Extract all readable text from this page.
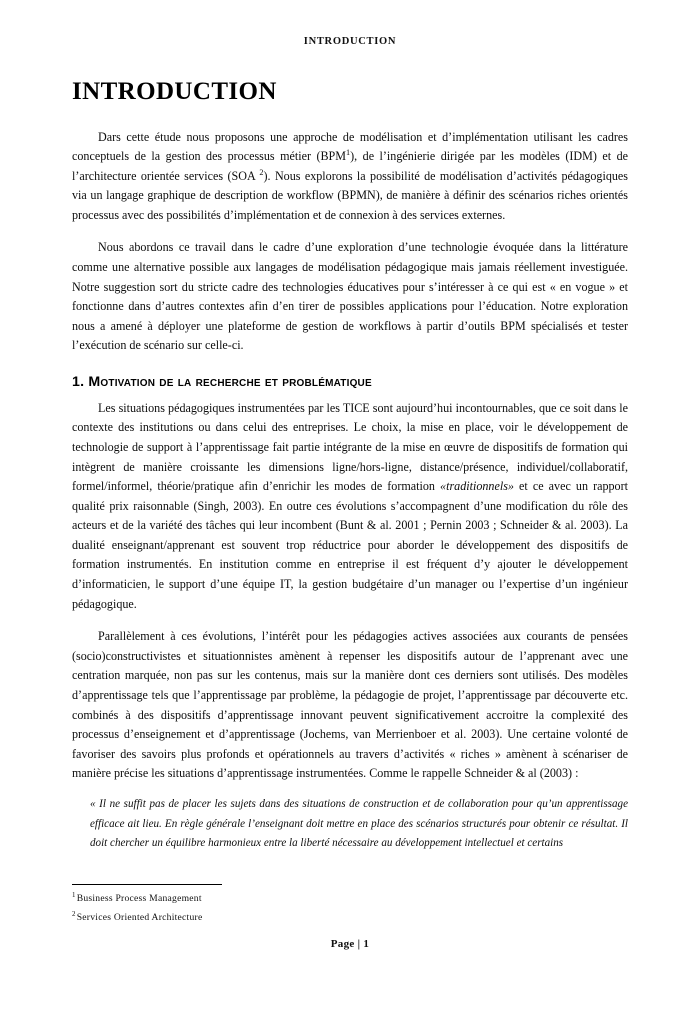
INTRODUCTION
INTRODUCTION

Dars cette étude nous proposons une approche de modélisation et d’implémentation utilisant les cadres conceptuels de la gestion des processus métier (BPM$^1$), de l’ingénierie dirigée par les modèles (IDM) et de l’architecture orientée services (SOA $^2$). Nous explorons la possibilité de modélisation d’activités pédagogiques via un langage graphique de description de workflow (BPMN), de manière à définir des scénarios riches orientés processus avec des possibilités d’implémentation et de connexion à des services externes.

Nous abordons ce travail dans le cadre d’une exploration d’une technologie évoquée dans la littérature comme une alternative possible aux langages de modélisation pédagogique mais jamais réellement investiguée. Notre suggestion sort du stricte cadre des technologies éducatives pour s’intéresser à ce qui est « en vogue » et fonctionne dans d’autres contextes afin d’en tirer de possibles applications pour l’éducation. Notre exploration nous a amené à déployer une plateforme de gestion de workflows à partir d’outils BPM spécialisés et tester l’exécution de scénario sur celle-ci.

1. Motivation de la recherche et problématique

Les situations pédagogiques instrumentées par les TICE sont aujourd’hui incontournables, que ce soit dans le contexte des institutions ou dans celui des entreprises. Le choix, la mise en place, voir le développement de technologie de support à l’apprentissage fait partie intégrante de la mise en œuvre de dispositifs de formation qui intègrent de manière croissante les dimensions ligne/hors-ligne, distance/présence, individuel/collaboratif, formel/informel, théorie/pratique afin d’enrichir les modes de formation «traditionnels» et ce avec un rapport qualité prix raisonnable (Singh, 2003). En outre ces évolutions s’accompagnent d’une modification du rôle des acteurs et de la variété des tâches qui leur incombent (Bunt & al. 2001 ; Pernin 2003 ; Schneider & al. 2003). La dualité enseignant/apprenant est souvent trop réductrice pour aborder le développement des dispositifs de formation instrumentés. En institution comme en entreprise il est fréquent d’y ajouter le développement d’informaticien, le support d’une équipe IT, la gestion budgétaire d’un manager ou l’expertise d’un ingénieur pédagogique.

Parallèlement à ces évolutions, l’intérêt pour les pédagogies actives associées aux courants de pensées (socio)constructivistes et situationnistes amènent à repenser les dispositifs autour de l’apprenant avec une centration marquée, non pas sur les contenus, mais sur la manière dont ces derniers sont utilisés. Des modèles d’apprentissage tels que l’apprentissage par problème, la pédagogie de projet, l’apprentissage par découverte etc. combinés à des dispositifs d’apprentissage innovant peuvent significativement accroitre la complexité des processus d’enseignement et d’apprentissage (Jochems, van Merrienboer et al. 2003). Une certaine volonté de favoriser des savoirs plus profonds et opérationnels au travers d’activités « riches » amènent à scénariser de manière précise les situations d’apprentissage instrumentées. Comme le rappelle Schneider & al (2003) :

« Il ne suffit pas de placer les sujets dans des situations de construction et de collaboration pour qu’un apprentissage efficace ait lieu. En règle générale l’enseignant doit mettre en place des scénarios structurés pour obtenir ce résultat. Il doit chercher un équilibre harmonieux entre la liberté nécessaire au développement intellectuel et certains
$^1$Business Process Management
$^2$Services Oriented Architecture
Page | 1
